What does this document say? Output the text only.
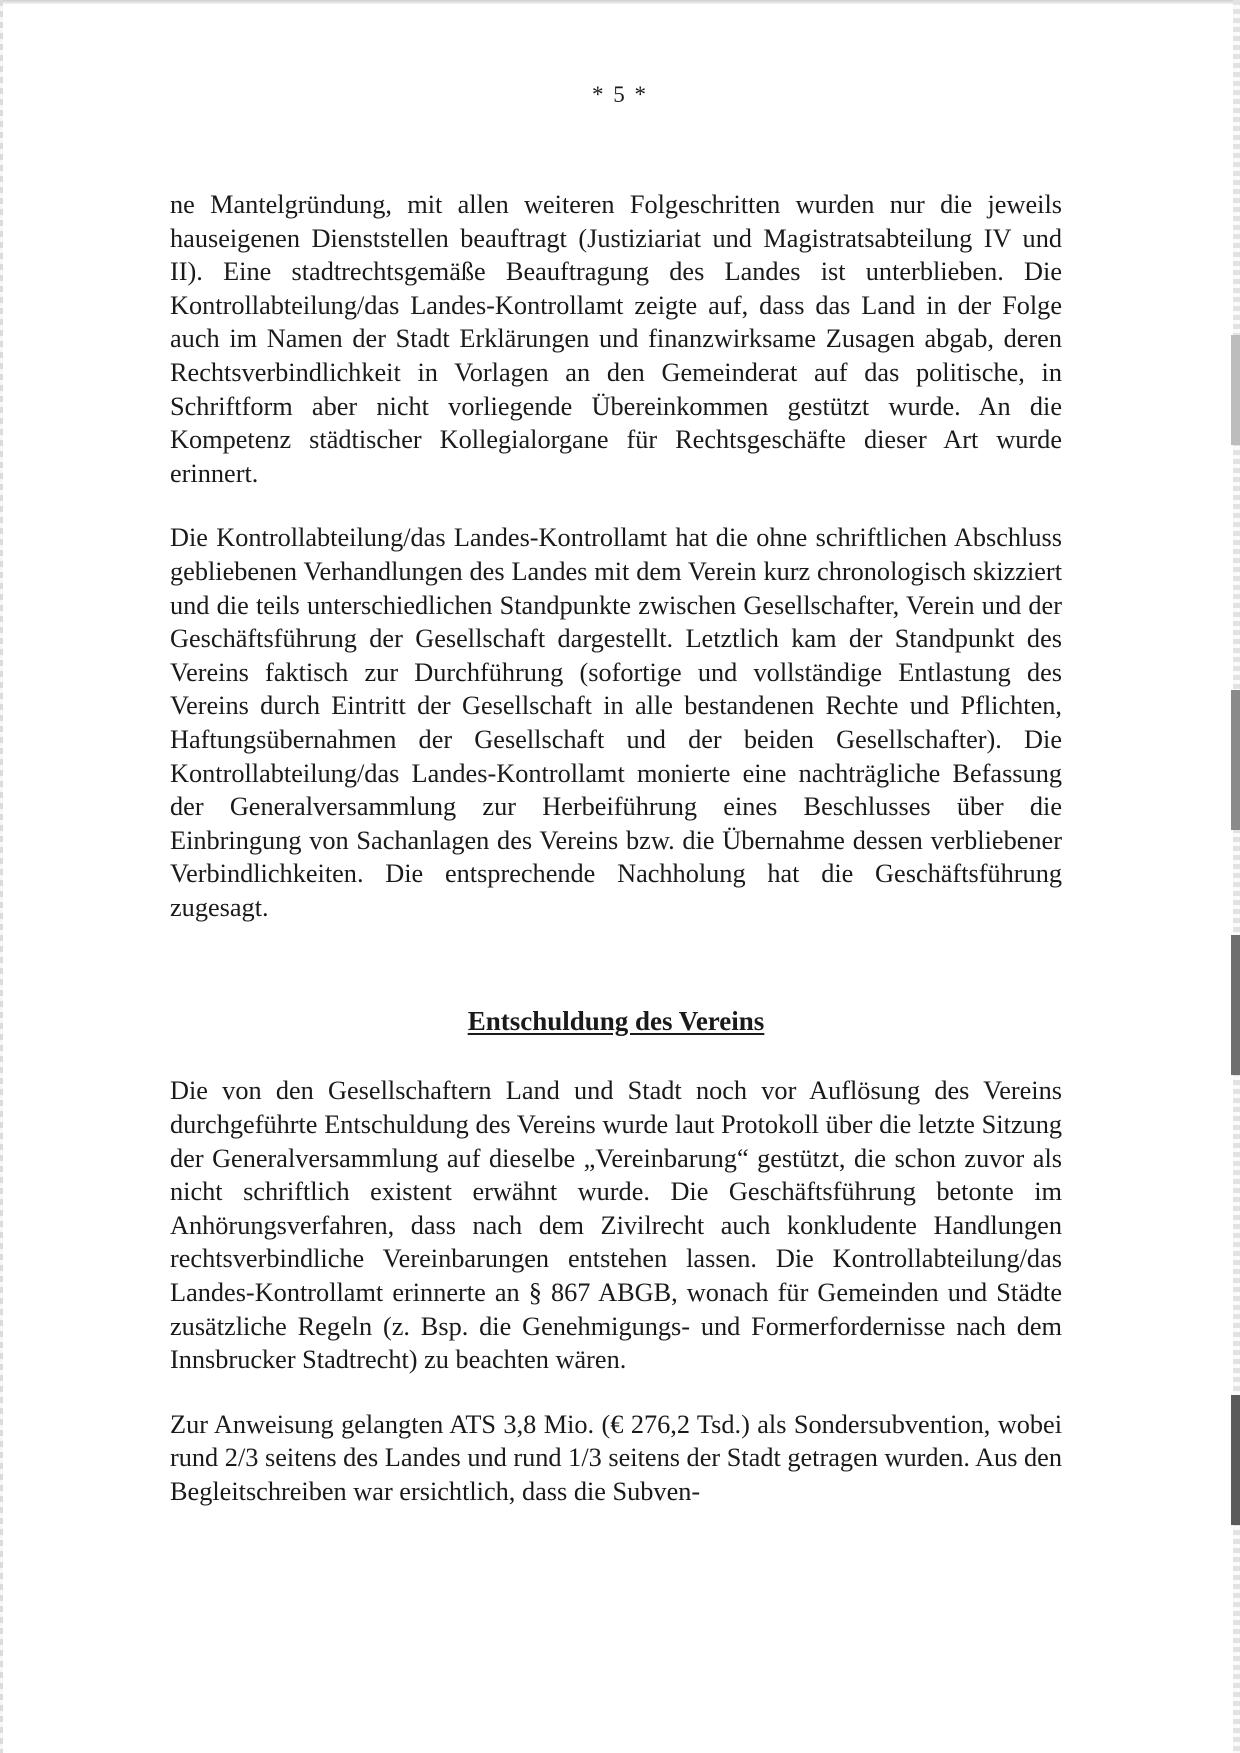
* 5 *

ne Mantelgründung, mit allen weiteren Folgeschritten wurden nur die jeweils hauseigenen Dienststellen beauftragt (Justiziariat und Magistratsabteilung IV und II). Eine stadtrechtsgemäße Beauftragung des Landes ist unterblieben. Die Kontrollabteilung/das Landes-Kontrollamt zeigte auf, dass das Land in der Folge auch im Namen der Stadt Erklärungen und finanzwirksame Zusagen abgab, deren Rechtsverbindlichkeit in Vorlagen an den Gemeinderat auf das politische, in Schriftform aber nicht vorliegende Übereinkommen gestützt wurde. An die Kompetenz städtischer Kollegialorgane für Rechtsgeschäfte dieser Art wurde erinnert.

Die Kontrollabteilung/das Landes-Kontrollamt hat die ohne schriftlichen Abschluss gebliebenen Verhandlungen des Landes mit dem Verein kurz chronologisch skizziert und die teils unterschiedlichen Standpunkte zwischen Gesellschafter, Verein und der Geschäftsführung der Gesellschaft dargestellt. Letztlich kam der Standpunkt des Vereins faktisch zur Durchführung (sofortige und vollständige Entlastung des Vereins durch Eintritt der Gesellschaft in alle bestandenen Rechte und Pflichten, Haftungsübernahmen der Gesellschaft und der beiden Gesellschafter). Die Kontrollabteilung/das Landes-Kontrollamt monierte eine nachträgliche Befassung der Generalversammlung zur Herbeiführung eines Beschlusses über die Einbringung von Sachanlagen des Vereins bzw. die Übernahme dessen verbliebener Verbindlichkeiten. Die entsprechende Nachholung hat die Geschäftsführung zugesagt.

Entschuldung des Vereins

Die von den Gesellschaftern Land und Stadt noch vor Auflösung des Vereins durchgeführte Entschuldung des Vereins wurde laut Protokoll über die letzte Sitzung der Generalversammlung auf dieselbe „Vereinbarung“ gestützt, die schon zuvor als nicht schriftlich existent erwähnt wurde. Die Geschäftsführung betonte im Anhörungsverfahren, dass nach dem Zivilrecht auch konkludente Handlungen rechtsverbindliche Vereinbarungen entstehen lassen. Die Kontrollabteilung/das Landes-Kontrollamt erinnerte an § 867 ABGB, wonach für Gemeinden und Städte zusätzliche Regeln (z. Bsp. die Genehmigungs- und Formerfordernisse nach dem Innsbrucker Stadtrecht) zu beachten wären.

Zur Anweisung gelangten ATS 3,8 Mio. (€ 276,2 Tsd.) als Sondersubvention, wobei rund 2/3 seitens des Landes und rund 1/3 seitens der Stadt getragen wurden. Aus den Begleitschreiben war ersichtlich, dass die Subven-
